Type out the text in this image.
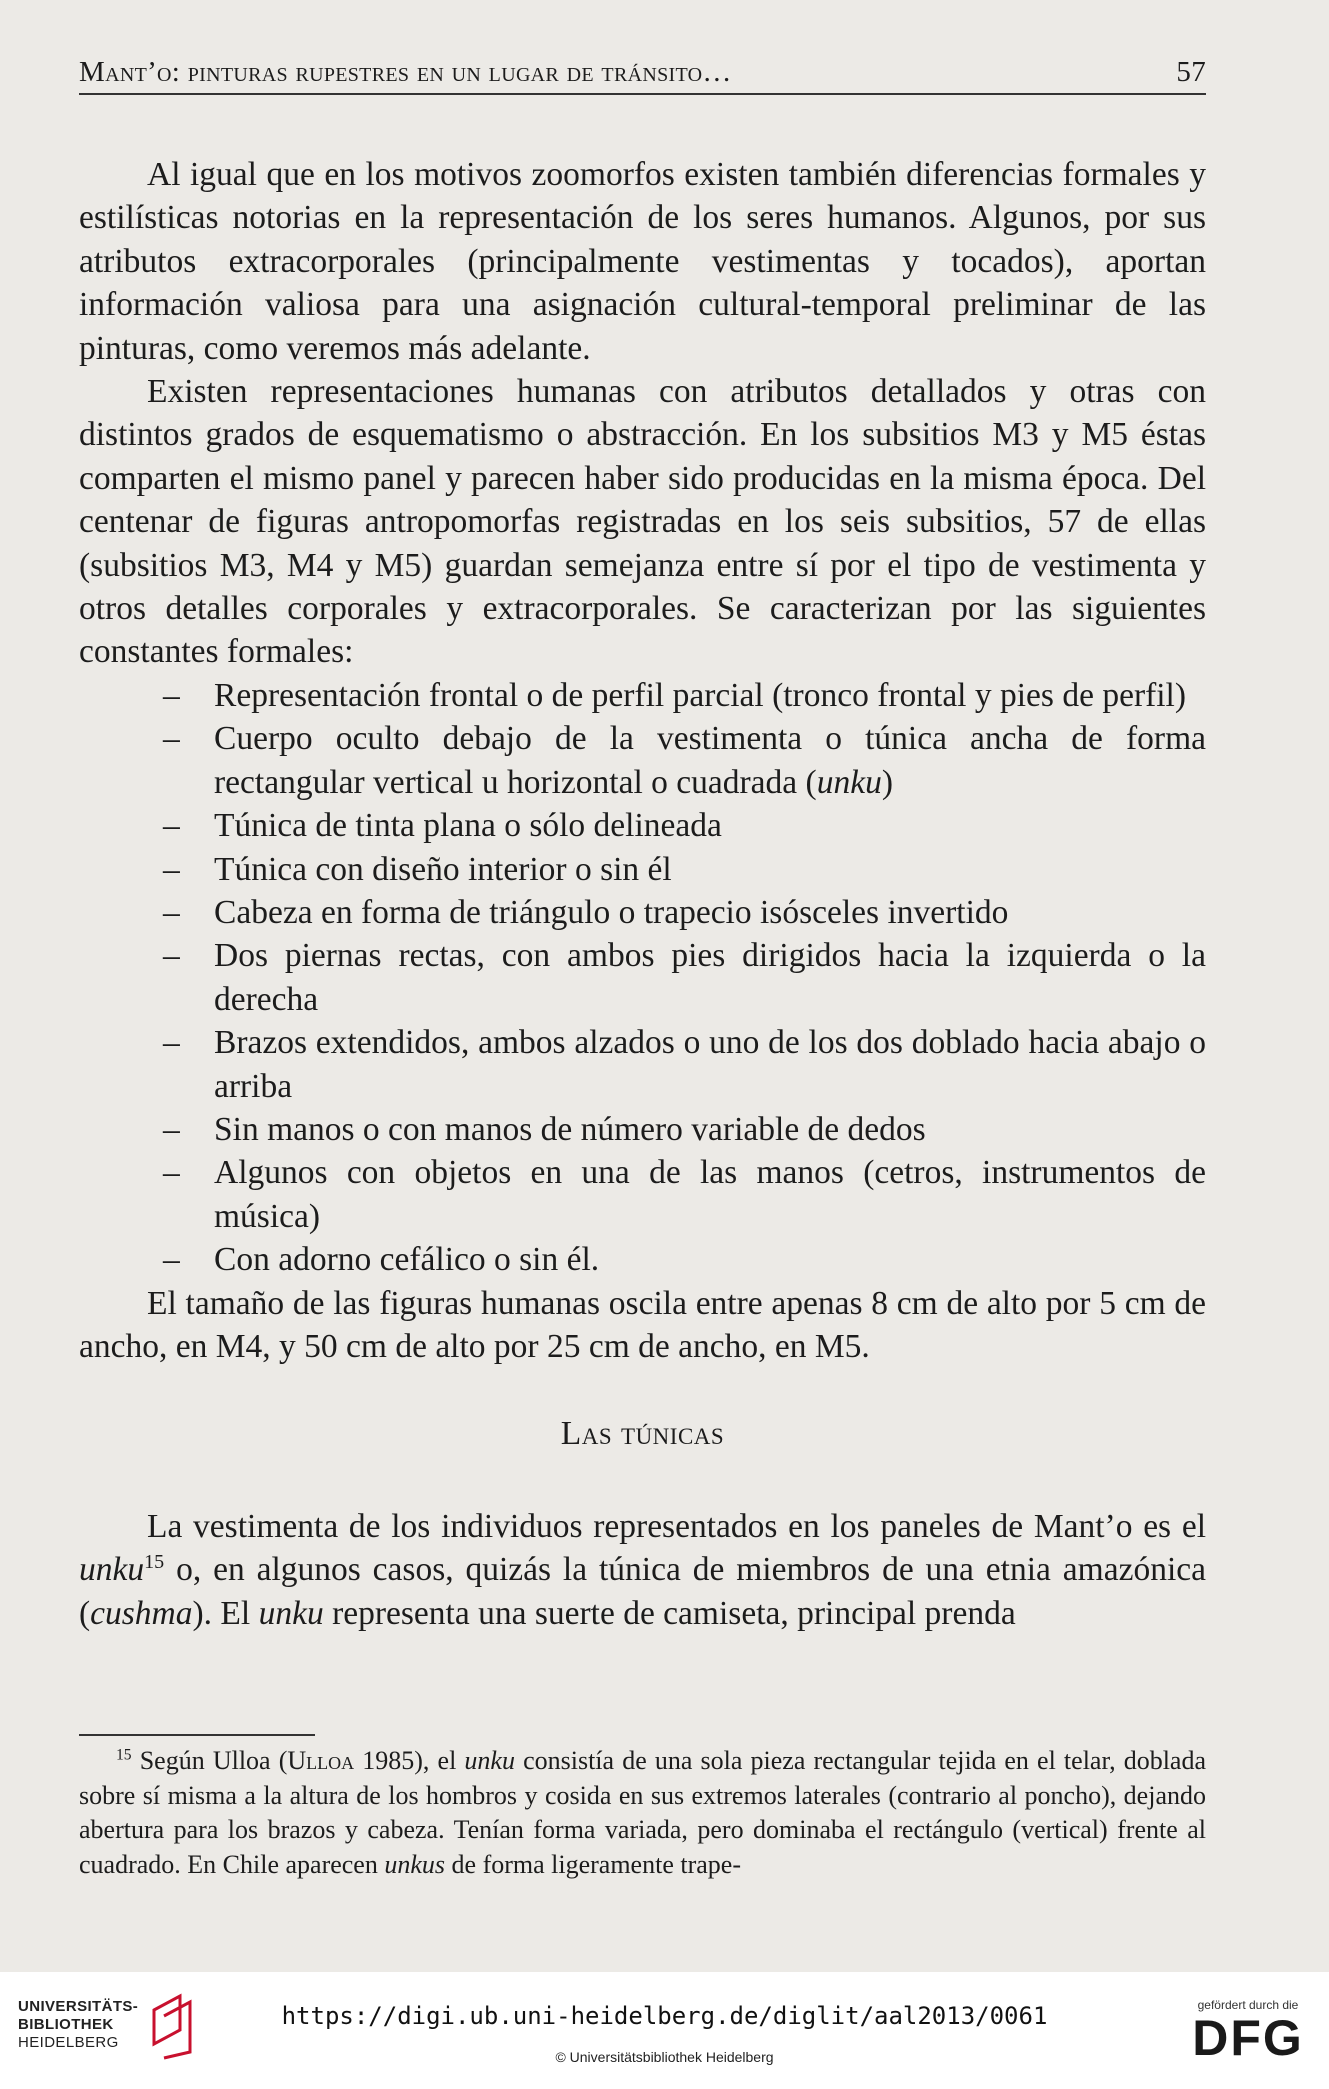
Mant’o: pinturas rupestres en un lugar de tránsito…	57

Al igual que en los motivos zoomorfos existen también diferencias formales y estilísticas notorias en la representación de los seres humanos. Algunos, por sus atributos extracorporales (principalmente vestimentas y tocados), aportan información valiosa para una asignación cultural-temporal preliminar de las pinturas, como veremos más adelante.

Existen representaciones humanas con atributos detallados y otras con distintos grados de esquematismo o abstracción. En los subsitios M3 y M5 éstas comparten el mismo panel y parecen haber sido producidas en la misma época. Del centenar de figuras antropomorfas registradas en los seis subsitios, 57 de ellas (subsitios M3, M4 y M5) guardan semejanza entre sí por el tipo de vestimenta y otros detalles corporales y extracorporales. Se caracterizan por las siguientes constantes formales:

– Representación frontal o de perfil parcial (tronco frontal y pies de perfil)
– Cuerpo oculto debajo de la vestimenta o túnica ancha de forma rectangular vertical u horizontal o cuadrada (unku)
– Túnica de tinta plana o sólo delineada
– Túnica con diseño interior o sin él
– Cabeza en forma de triángulo o trapecio isósceles invertido
– Dos piernas rectas, con ambos pies dirigidos hacia la izquierda o la derecha
– Brazos extendidos, ambos alzados o uno de los dos doblado hacia abajo o arriba
– Sin manos o con manos de número variable de dedos
– Algunos con objetos en una de las manos (cetros, instrumentos de música)
– Con adorno cefálico o sin él.

El tamaño de las figuras humanas oscila entre apenas 8 cm de alto por 5 cm de ancho, en M4, y 50 cm de alto por 25 cm de ancho, en M5.

Las túnicas

La vestimenta de los individuos representados en los paneles de Mant’o es el unku$^{15}$ o, en algunos casos, quizás la túnica de miembros de una etnia amazónica (cushma). El unku representa una suerte de camiseta, principal prenda

$^{15}$ Según Ulloa (Ulloa 1985), el unku consistía de una sola pieza rectangular tejida en el telar, doblada sobre sí misma a la altura de los hombros y cosida en sus extremos laterales (contrario al poncho), dejando abertura para los brazos y cabeza. Tenían forma variada, pero dominaba el rectángulo (vertical) frente al cuadrado. En Chile aparecen unkus de forma ligeramente trape-

UNIVERSITÄTS-
BIBLIOTHEK
HEIDELBERG
https://digi.ub.uni-heidelberg.de/diglit/aal2013/0061
© Universitätsbibliothek Heidelberg
gefördert durch die
DFG
